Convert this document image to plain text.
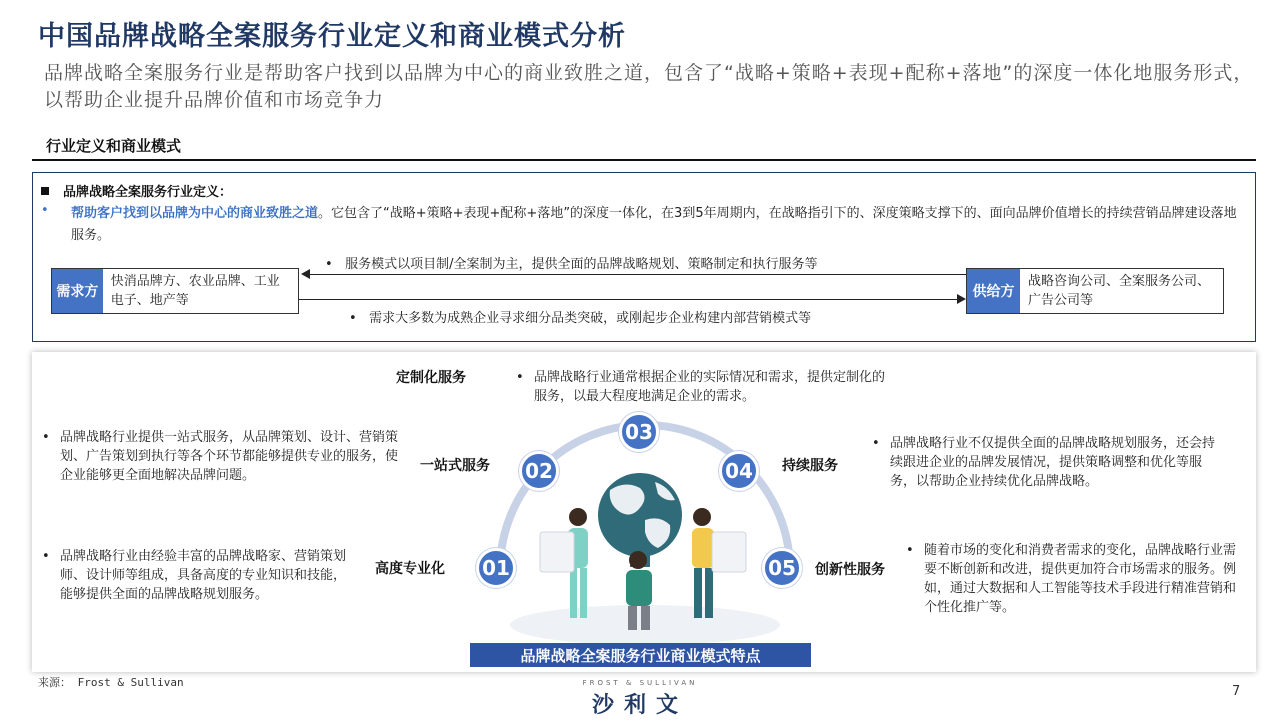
中国品牌战略全案服务行业定义和商业模式分析
品牌战略全案服务行业是帮助客户找到以品牌为中心的商业致胜之道，包含了“战略+策略+表现+配称+落地”的深度一体化地服务形式，以帮助企业提升品牌价值和市场竞争力
行业定义和商业模式
品牌战略全案服务行业定义：
• 帮助客户找到以品牌为中心的商业致胜之道。它包含了“战略+策略+表现+配称+落地”的深度一体化，在3到5年周期内，在战略指引下的、深度策略支撑下的、面向品牌价值增长的持续营销品牌建设落地服务。
需求方
快消品牌方、农业品牌、工业电子、地产等
供给方
战略咨询公司、全案服务公司、广告公司等
• 服务模式以项目制/全案制为主，提供全面的品牌战略规划、策略制定和执行服务等
• 需求大多数为成熟企业寻求细分品类突破，或刚起步企业构建内部营销模式等
01
02
03
04
05
高度专业化
一站式服务
定制化服务
持续服务
创新性服务
• 品牌战略行业由经验丰富的品牌战略家、营销策划师、设计师等组成，具备高度的专业知识和技能，能够提供全面的品牌战略规划服务。
• 品牌战略行业提供一站式服务，从品牌策划、设计、营销策划、广告策划到执行等各个环节都能够提供专业的服务，使企业能够更全面地解决品牌问题。
• 品牌战略行业通常根据企业的实际情况和需求，提供定制化的服务，以最大程度地满足企业的需求。
• 品牌战略行业不仅提供全面的品牌战略规划服务，还会持续跟进企业的品牌发展情况，提供策略调整和优化等服务，以帮助企业持续优化品牌战略。
• 随着市场的变化和消费者需求的变化，品牌战略行业需要不断创新和改进，提供更加符合市场需求的服务。例如，通过大数据和人工智能等技术手段进行精准营销和个性化推广等。
品牌战略全案服务行业商业模式特点
来源： Frost & Sullivan	FROST & SULLIVAN
沙利文
7
